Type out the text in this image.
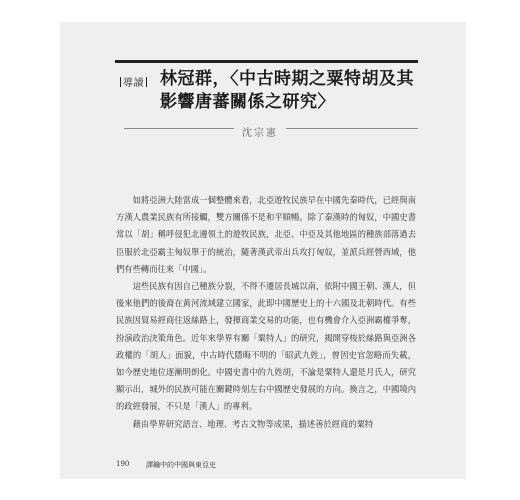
導讀 林冠群，〈中古時期之粟特胡及其影響唐蕃關係之研究〉
沈宗憲

如將亞洲大陸當成一個整體來看，北亞遊牧民族早在中國先秦時代，已經與南方漢人農業民族有所接觸，雙方關係不是和平順暢。除了秦漢時的匈奴，中國史書常以「胡」稱呼侵犯北邊領土的遊牧民族，北亞、中亞及其他地區的種族部落過去臣服於北亞霸主匈奴單于的統治，隨著漢武帝出兵攻打匈奴，並派兵經營西域，他們有些轉而往來「中國」。

這些民族有因自己種族分裂，不得不遷居長城以南，依附中國王朝、漢人，但後來他們的後裔在黃河流域建立國家，此即中國歷史上的十六國及北朝時代。有些民族因貿易經商往返絲路上，發揮商業交易的功能，也有機會介入亞洲霸權爭奪，扮演政治決策角色。近年來學界有關「粟特人」的研究，揭開穿梭於絲路與亞洲各政權的「胡人」面貌，中古時代隱晦不明的「昭武九姓」，曾因史官忽略而失載，如今歷史地位逐漸明朗化。中國史書中的九姓胡，不論是粟特人還是月氏人，研究顯示出，城外的民族可能在關鍵時刻左右中國歷史發展的方向。換言之，中國境內的政經發展，不只是「漢人」的專利。

藉由學界研究語言、地理、考古文物等成果，描述善於經商的粟特

190 譯鑰中的中國與東亞史
